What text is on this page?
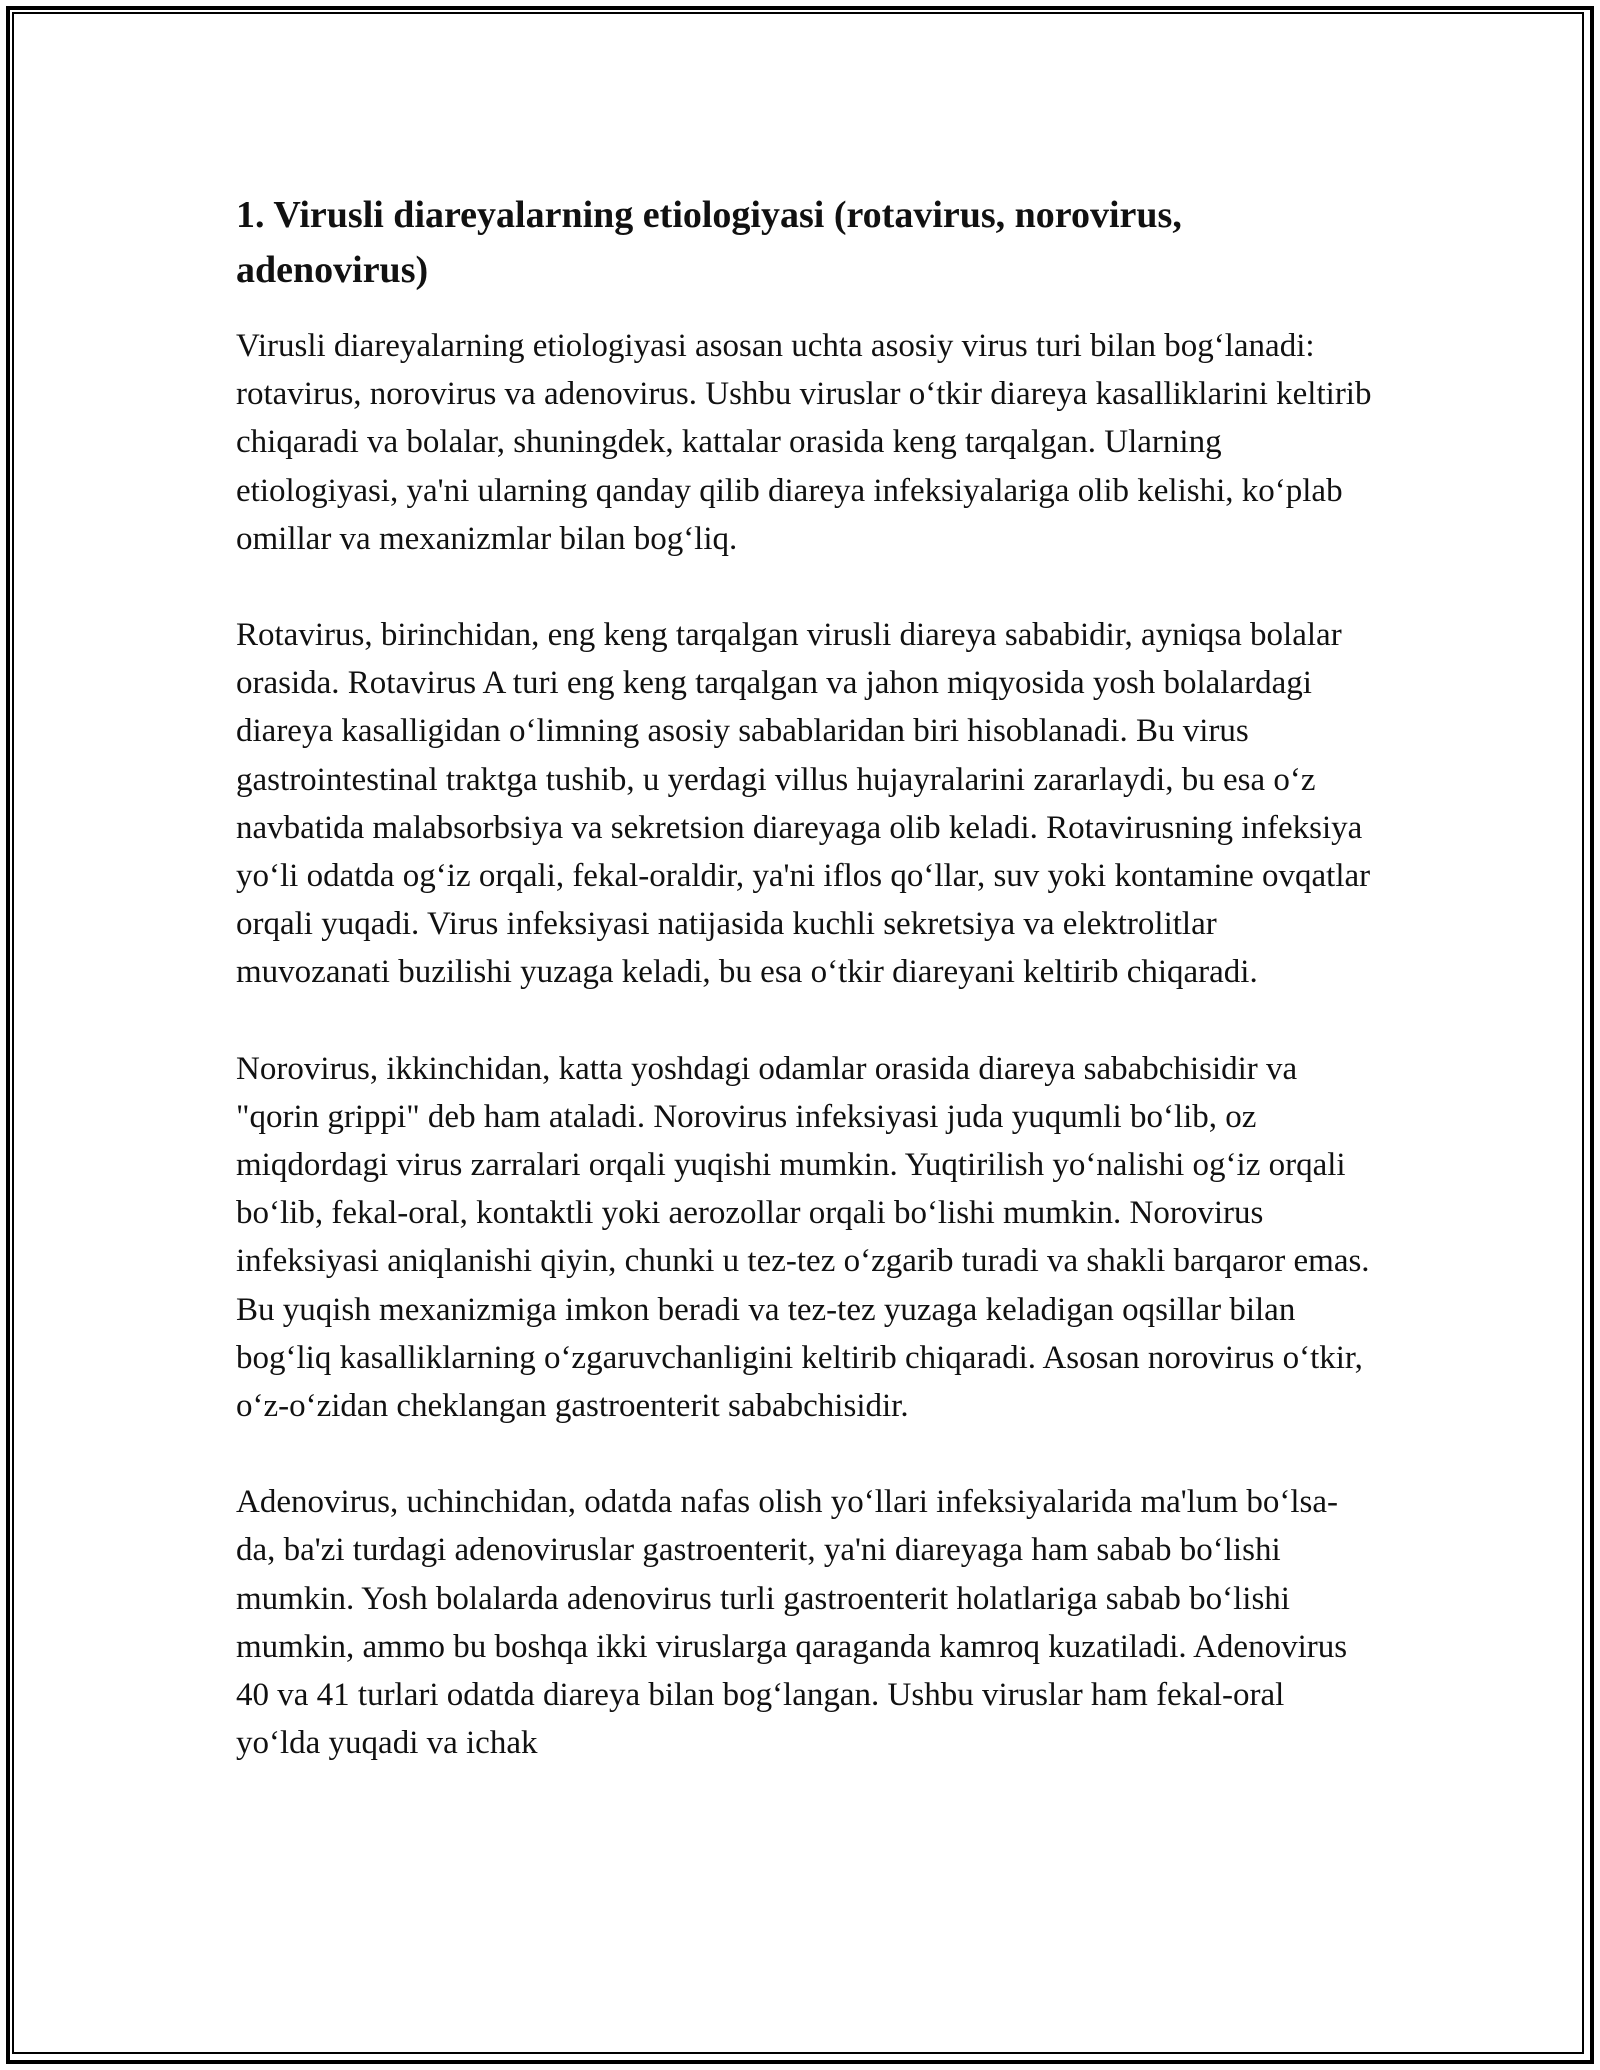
1. Virusli diareyalarning etiologiyasi (rotavirus, norovirus, adenovirus)

Virusli diareyalarning etiologiyasi asosan uchta asosiy virus turi bilan bog‘lanadi: rotavirus, norovirus va adenovirus. Ushbu viruslar o‘tkir diareya kasalliklarini keltirib chiqaradi va bolalar, shuningdek, kattalar orasida keng tarqalgan. Ularning etiologiyasi, ya'ni ularning qanday qilib diareya infeksiyalariga olib kelishi, ko‘plab omillar va mexanizmlar bilan bog‘liq.

Rotavirus, birinchidan, eng keng tarqalgan virusli diareya sababidir, ayniqsa bolalar orasida. Rotavirus A turi eng keng tarqalgan va jahon miqyosida yosh bolalardagi diareya kasalligidan o‘limning asosiy sabablaridan biri hisoblanadi. Bu virus gastrointestinal traktga tushib, u yerdagi villus hujayralarini zararlaydi, bu esa o‘z navbatida malabsorbsiya va sekretsion diareyaga olib keladi. Rotavirusning infeksiya yo‘li odatda og‘iz orqali, fekal-oraldir, ya'ni iflos qo‘llar, suv yoki kontamine ovqatlar orqali yuqadi. Virus infeksiyasi natijasida kuchli sekretsiya va elektrolitlar muvozanati buzilishi yuzaga keladi, bu esa o‘tkir diareyani keltirib chiqaradi.

Norovirus, ikkinchidan, katta yoshdagi odamlar orasida diareya sababchisidir va "qorin grippi" deb ham ataladi. Norovirus infeksiyasi juda yuqumli bo‘lib, oz miqdordagi virus zarralari orqali yuqishi mumkin. Yuqtirilish yo‘nalishi og‘iz orqali bo‘lib, fekal-oral, kontaktli yoki aerozollar orqali bo‘lishi mumkin. Norovirus infeksiyasi aniqlanishi qiyin, chunki u tez-tez o‘zgarib turadi va shakli barqaror emas. Bu yuqish mexanizmiga imkon beradi va tez-tez yuzaga keladigan oqsillar bilan bog‘liq kasalliklarning o‘zgaruvchanligini keltirib chiqaradi. Asosan norovirus o‘tkir, o‘z-o‘zidan cheklangan gastroenterit sababchisidir.

Adenovirus, uchinchidan, odatda nafas olish yo‘llari infeksiyalarida ma'lum bo‘lsa-da, ba'zi turdagi adenoviruslar gastroenterit, ya'ni diareyaga ham sabab bo‘lishi mumkin. Yosh bolalarda adenovirus turli gastroenterit holatlariga sabab bo‘lishi mumkin, ammo bu boshqa ikki viruslarga qaraganda kamroq kuzatiladi. Adenovirus 40 va 41 turlari odatda diareya bilan bog‘langan. Ushbu viruslar ham fekal-oral yo‘lda yuqadi va ichak
